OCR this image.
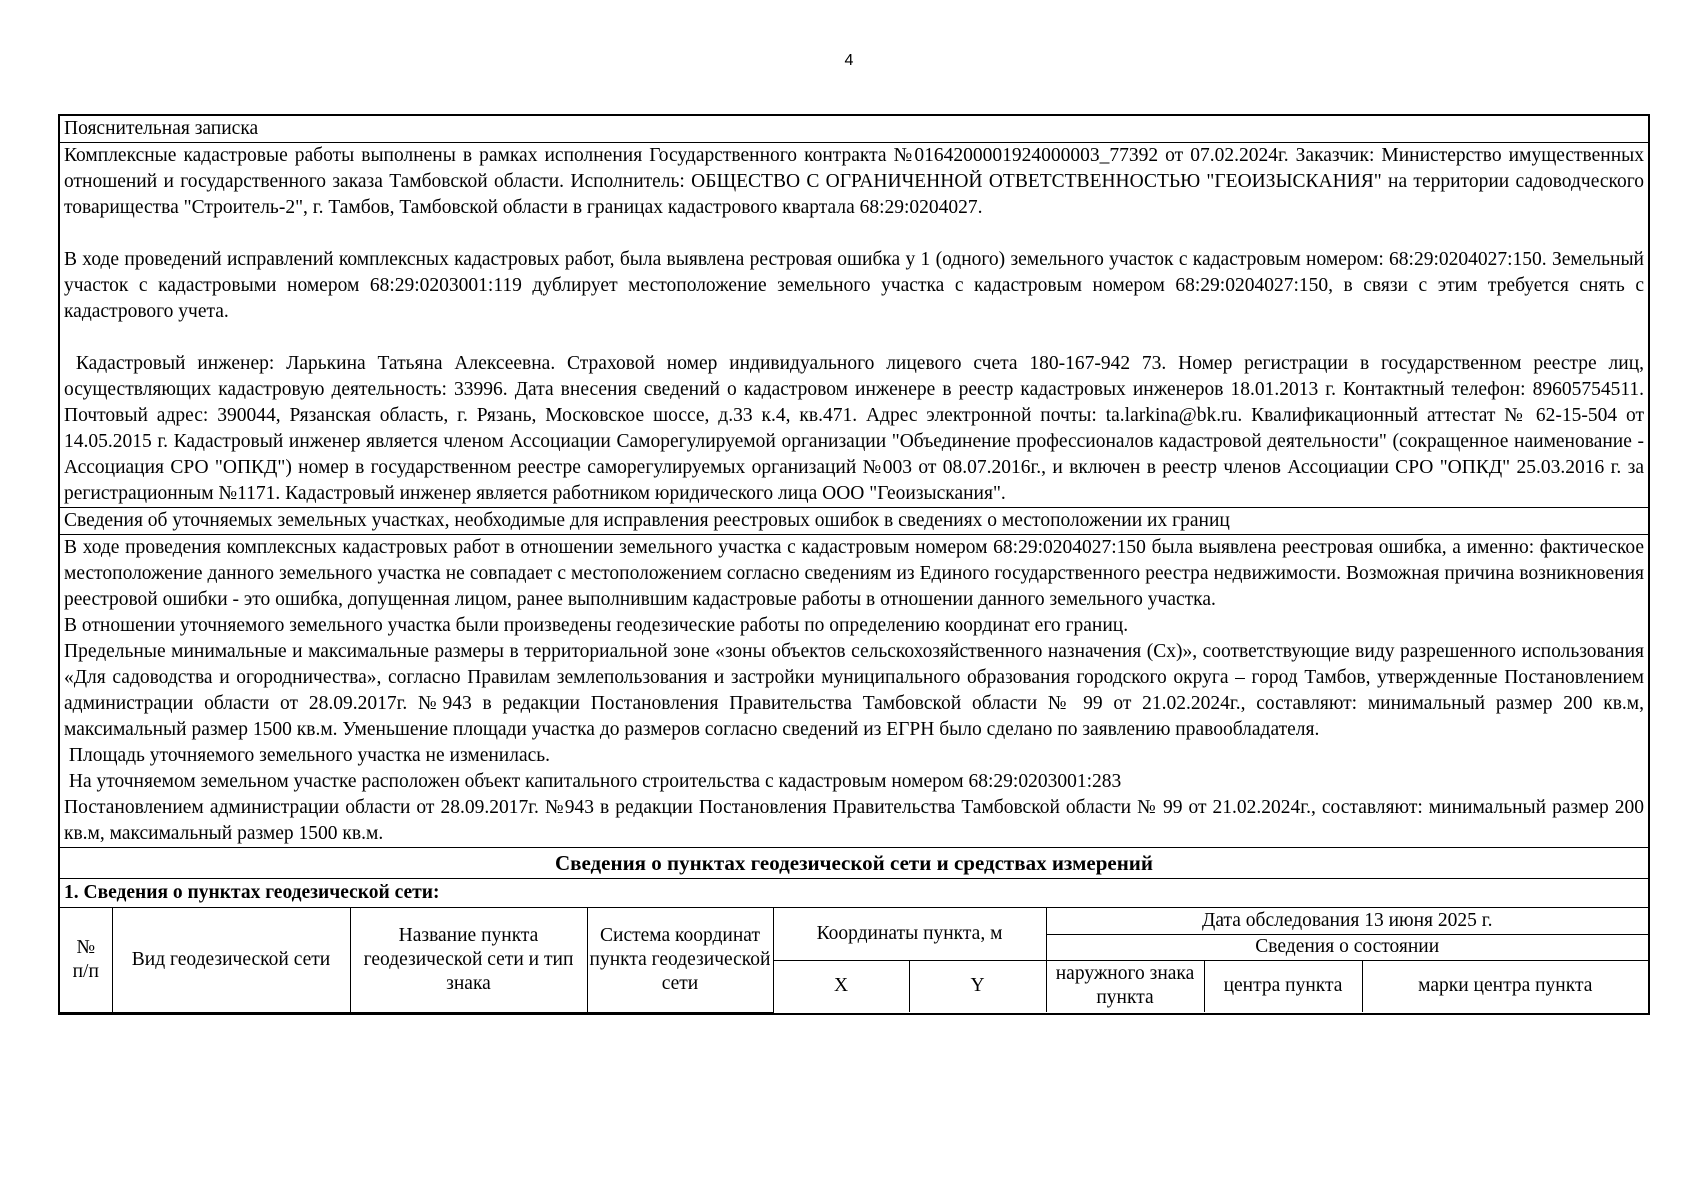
4

Пояснительная записка

Комплексные кадастровые работы выполнены в рамках исполнения Государственного контракта №0164200001924000003_77392 от 07.02.2024г. Заказчик: Министерство имущественных отношений и государственного заказа Тамбовской области. Исполнитель: ОБЩЕСТВО С ОГРАНИЧЕННОЙ ОТВЕТСТВЕННОСТЬЮ "ГЕОИЗЫСКАНИЯ" на территории садоводческого товарищества "Строитель-2", г. Тамбов, Тамбовской области в границах кадастрового квартала 68:29:0204027.

В ходе проведений исправлений комплексных кадастровых работ, была выявлена рестровая ошибка у 1 (одного) земельного участок с кадастровым номером: 68:29:0204027:150. Земельный участок с кадастровыми номером 68:29:0203001:119 дублирует местоположение земельного участка с кадастровым номером 68:29:0204027:150, в связи с этим требуется снять с кадастрового учета.

Кадастровый инженер: Ларькина Татьяна Алексеевна. Страховой номер индивидуального лицевого счета 180-167-942 73. Номер регистрации в государственном реестре лиц, осуществляющих кадастровую деятельность: 33996. Дата внесения сведений о кадастровом инженере в реестр кадастровых инженеров 18.01.2013 г. Контактный телефон: 89605754511. Почтовый адрес: 390044, Рязанская область, г. Рязань, Московское шоссе, д.33 к.4, кв.471. Адрес электронной почты: ta.larkina@bk.ru. Квалификационный аттестат № 62-15-504 от 14.05.2015 г. Кадастровый инженер является членом Ассоциации Саморегулируемой организации "Объединение профессионалов кадастровой деятельности" (сокращенное наименование - Ассоциация СРО "ОПКД") номер в государственном реестре саморегулируемых организаций №003 от 08.07.2016г., и включен в реестр членов Ассоциации СРО "ОПКД" 25.03.2016 г. за регистрационным №1171. Кадастровый инженер является работником юридического лица ООО "Геоизыскания".

Сведения об уточняемых земельных участках, необходимые для исправления реестровых ошибок в сведениях о местоположении их границ

В ходе проведения комплексных кадастровых работ в отношении земельного участка с кадастровым номером 68:29:0204027:150 была выявлена реестровая ошибка, а именно: фактическое местоположение данного земельного участка не совпадает с местоположением согласно сведениям из Единого государственного реестра недвижимости. Возможная причина возникновения реестровой ошибки - это ошибка, допущенная лицом, ранее выполнившим кадастровые работы в отношении данного земельного участка.

В отношении уточняемого земельного участка были произведены геодезические работы по определению координат его границ.

Предельные минимальные и максимальные размеры в территориальной зоне «зоны объектов сельскохозяйственного назначения (Сх)», соответствующие виду разрешенного использования «Для садоводства и огородничества», согласно Правилам землепользования и застройки муниципального образования городского округа – город Тамбов, утвержденные Постановлением администрации области от 28.09.2017г. №943 в редакции Постановления Правительства Тамбовской области № 99 от 21.02.2024г., составляют: минимальный размер 200 кв.м, максимальный размер 1500 кв.м. Уменьшение площади участка до размеров согласно сведений из ЕГРН было сделано по заявлению правообладателя.

Площадь уточняемого земельного участка не изменилась.

На уточняемом земельном участке расположен объект капитального строительства с кадастровым номером 68:29:0203001:283

Постановлением администрации области от 28.09.2017г. №943 в редакции Постановления Правительства Тамбовской области № 99 от 21.02.2024г., составляют: минимальный размер 200 кв.м, максимальный размер 1500 кв.м.

Сведения о пунктах геодезической сети и средствах измерений
1. Сведения о пунктах геодезической сети:
№
п/п	Вид геодезической сети	Название пункта геодезической сети и тип знака	Система координат пункта геодезической сети	Координаты пункта, м		Дата обследования 13 июня 2025 г.		
						Сведения о состоянии		
				X	Y	наружного знака пункта	центра пункта	марки центра пункта
